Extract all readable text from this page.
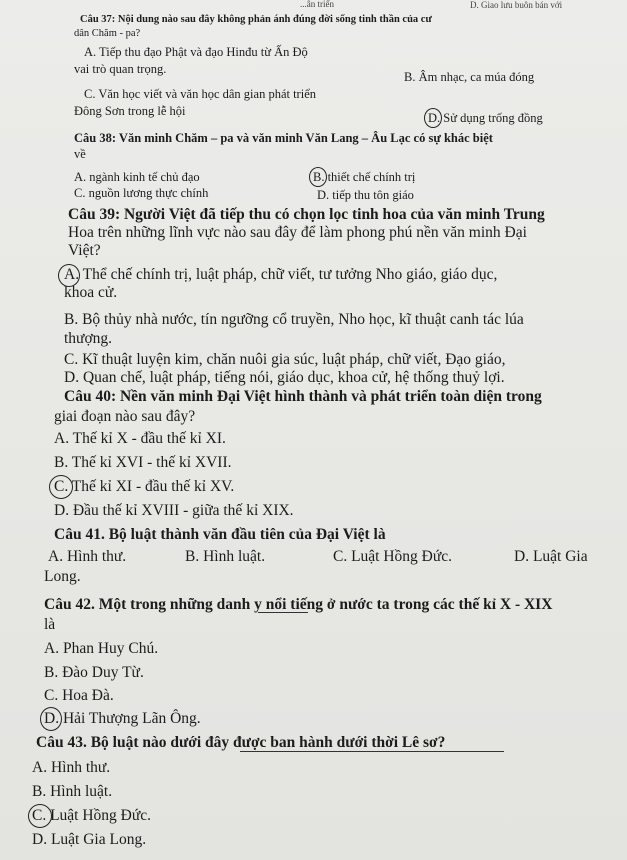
...ân triển	D. Giao lưu buôn bán với
Câu 37: Nội dung nào sau đây không phản ánh đúng đời sống tinh thần của cư
dân Chăm - pa?
A. Tiếp thu đạo Phật và đạo Hinđu từ Ấn Độ
B. Âm nhạc, ca múa đóng
vai trò quan trọng.
C. Văn học viết và văn học dân gian phát triển
D. Sử dụng trống đồng
Đông Sơn trong lễ hội
Câu 38: Văn minh Chăm – pa và văn minh Văn Lang – Âu Lạc có sự khác biệt
về
A. ngành kinh tế chủ đạo	B. thiết chế chính trị
C. nguồn lương thực chính	D. tiếp thu tôn giáo
Câu 39: Người Việt đã tiếp thu có chọn lọc tinh hoa của văn minh Trung
Hoa trên những lĩnh vực nào sau đây để làm phong phú nền văn minh Đại
Việt?
A. Thể chế chính trị, luật pháp, chữ viết, tư tưởng Nho giáo, giáo dục,
khoa cử.
B. Bộ thủy nhà nước, tín ngưỡng cổ truyền, Nho học, kĩ thuật canh tác lúa
thượng.
C. Kĩ thuật luyện kim, chăn nuôi gia súc, luật pháp, chữ viết, Đạo giáo,
D. Quan chế, luật pháp, tiếng nói, giáo dục, khoa cử, hệ thống thuỷ lợi.
Câu 40: Nền văn minh Đại Việt hình thành và phát triển toàn diện trong
giai đoạn nào sau đây?
A. Thế kỉ X - đầu thế kỉ XI.
B. Thế kỉ XVI - thế kỉ XVII.
C. Thế kỉ XI - đầu thế kỉ XV.
D. Đầu thế kỉ XVIII - giữa thế kỉ XIX.
Câu 41. Bộ luật thành văn đầu tiên của Đại Việt là
A. Hình thư.	B. Hình luật.	C. Luật Hồng Đức.	D. Luật Gia
Long.
Câu 42. Một trong những danh y nổi tiếng ở nước ta trong các thế kỉ X - XIX
là
A. Phan Huy Chú.
B. Đào Duy Từ.
C. Hoa Đà.
D. Hải Thượng Lãn Ông.
Câu 43. Bộ luật nào dưới đây được ban hành dưới thời Lê sơ?
A. Hình thư.
B. Hình luật.
C. Luật Hồng Đức.
D. Luật Gia Long.
